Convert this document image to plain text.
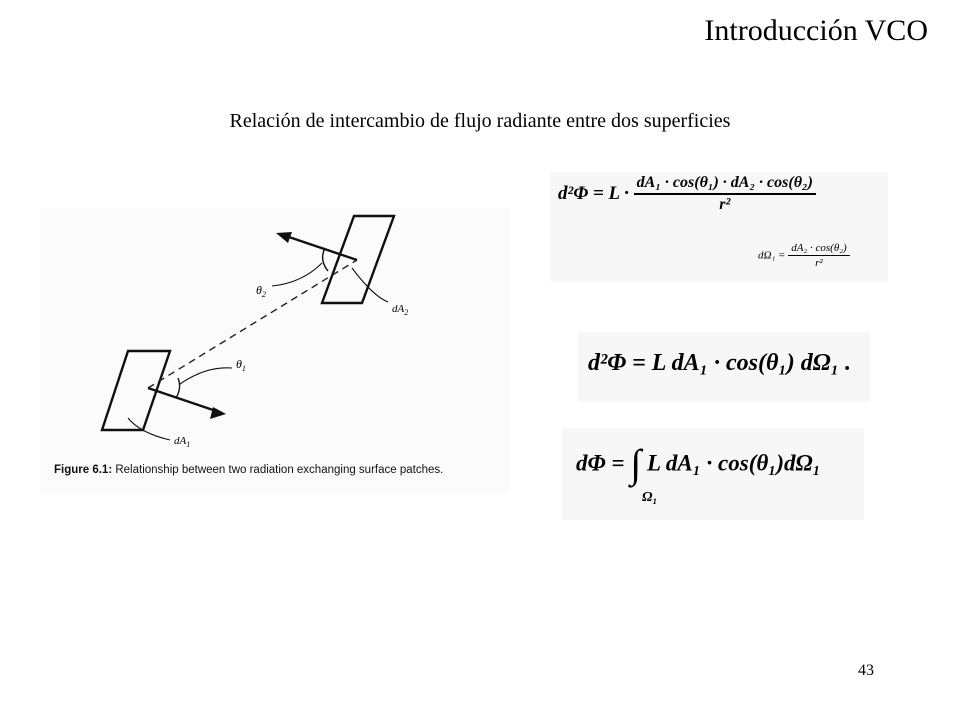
Introducción VCO
Relación de intercambio de flujo radiante entre dos superficies
$\theta_2$
$\theta_1$
$dA_2$
$dA_1$
Figure 6.1: Relationship between two radiation exchanging surface patches.
$d^2\Phi = L \cdot \frac{\text{dA₁ · cos(θ₁) · dA₂ · cos(θ₂)}}{\text{r²}}$
$d\Omega_1 = \frac{\text{dA₂ · cos(θ₂)}}{\text{r²}}$
d²Φ = L dA₁ · cos(θ₁) dΩ₁ .
dΦ = ∫ L dA₁ · cos(θ₁)dΩ₁
Ω₁
43
